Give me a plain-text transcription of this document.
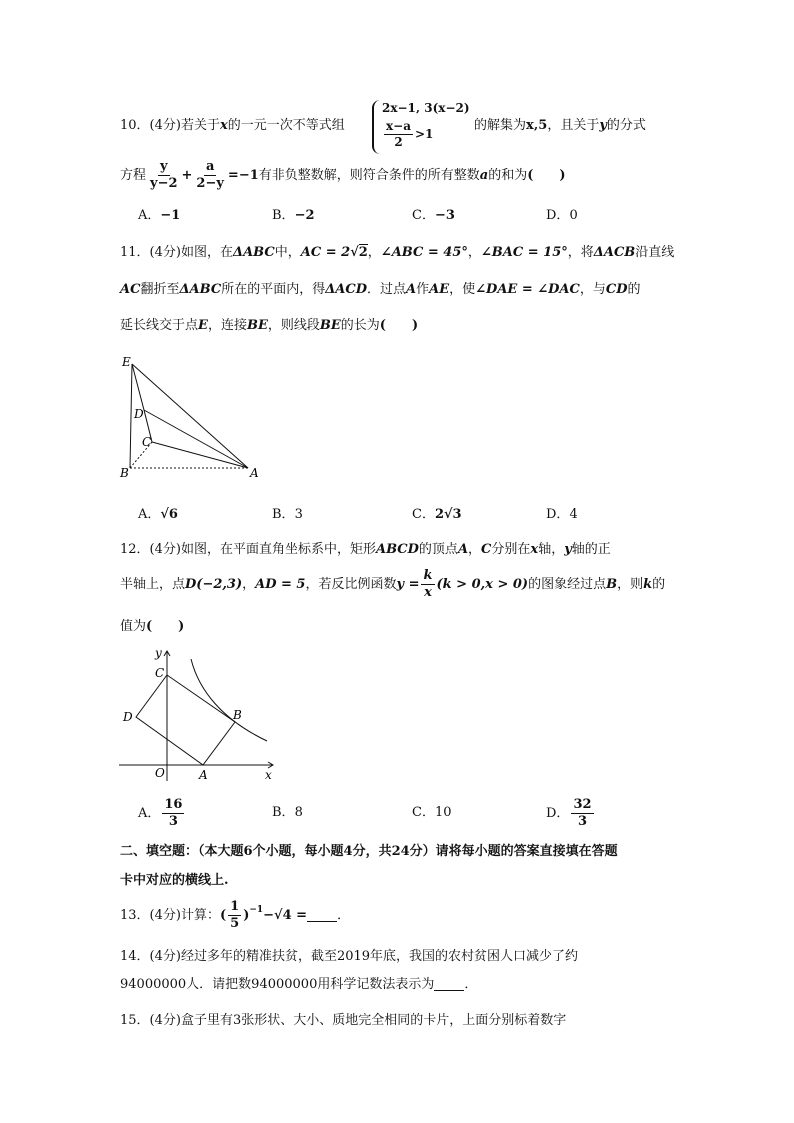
10．(4分)若关于x的一元一次不等式组
2x−1‚ 3(x−2)
$\frac{x-a}{2} >1$
的解集为x‚5，且关于y的分式
方程 $\frac{y}{y-2} + \frac{a}{2-y} =-1$ 有非负整数解，则符合条件的所有整数 a 的和为 (　　)
A．−1	B．−2	C．−3	D．0
11．(4分)如图，在ΔABC中，AC = 2√2，∠ABC = 45°，∠BAC = 15°，将ΔACB沿直线
AC翻折至ΔABC所在的平面内，得ΔACD．过点A作AE，使∠DAE = ∠DAC，与CD的
延长线交于点E，连接BE，则线段BE的长为(　　)
E
D
C
B	A
A．√6	B．3	C．2√3	D．4
12．(4分)如图，在平面直角坐标系中，矩形ABCD的顶点A，C分别在x轴，y轴的正
半轴上，点 D(−2,3) ， AD = 5 ，若反比例函数 $y = \frac{k}{x} (k > 0,x > 0)$ 的图象经过点 B ，则 k 的
值为(　　)
y
x
C
D	B
O	A
A． $\frac{16}{3}$	B．8	C．10	D． $\frac{32}{3}$
二、填空题：（本大题6个小题，每小题4分，共24分）请将每小题的答案直接填在答题
卡中对应的横线上.
13．(4分) 计算： ( $\frac{1}{5} )^{-1} -√4$ = ．
14．(4分)经过多年的精准扶贫，截至2019年底，我国的农村贫困人口减少了约
94000000人．请把数94000000用科学记数法表示为 ．
15．(4分)盒子里有3张形状、大小、质地完全相同的卡片，上面分别标着数字
